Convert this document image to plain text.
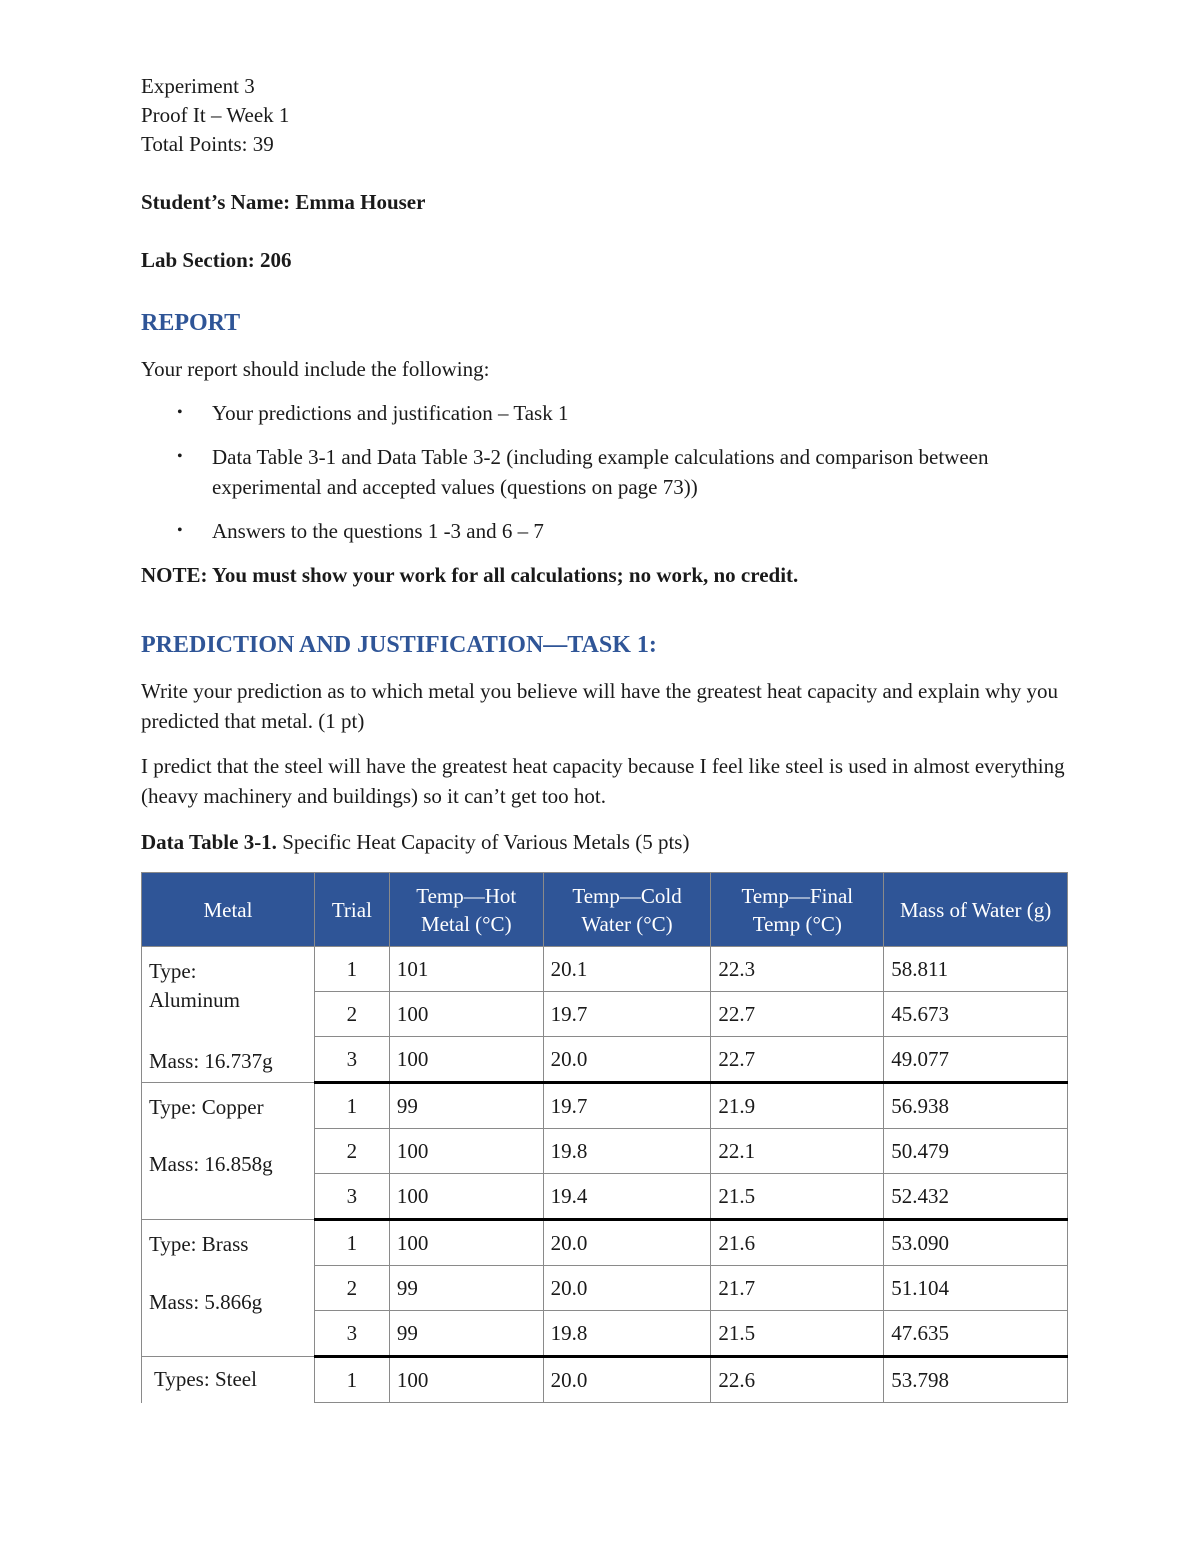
Experiment 3
Proof It – Week 1
Total Points: 39
Student’s Name: Emma Houser
Lab Section: 206
REPORT

Your report should include the following:

• Your predictions and justification – Task 1
• Data Table 3-1 and Data Table 3-2 (including example calculations and comparison between experimental and accepted values (questions on page 73))
• Answers to the questions 1 -3 and 6 – 7

NOTE: You must show your work for all calculations; no work, no credit.

PREDICTION AND JUSTIFICATION—TASK 1:

Write your prediction as to which metal you believe will have the greatest heat capacity and explain why you predicted that metal. (1 pt)

I predict that the steel will have the greatest heat capacity because I feel like steel is used in almost everything (heavy machinery and buildings) so it can’t get too hot.

Data Table 3-1. Specific Heat Capacity of Various Metals (5 pts)

Metal	Trial	Temp—Hot Metal (°C)	Temp—Cold Water (°C)	Temp—Final Temp (°C)	Mass of Water (g)

Type: Aluminum
Mass: 16.737g	1	101	20.1	22.3	58.811
	2	100	19.7	22.7	45.673
	3	100	20.0	22.7	49.077

Type: Copper
Mass: 16.858g	1	99	19.7	21.9	56.938
	2	100	19.8	22.1	50.479
	3	100	19.4	21.5	52.432

Type: Brass
Mass: 5.866g	1	100	20.0	21.6	53.090
	2	99	20.0	21.7	51.104
	3	99	19.8	21.5	47.635

Types: Steel	1	100	20.0	22.6	53.798
